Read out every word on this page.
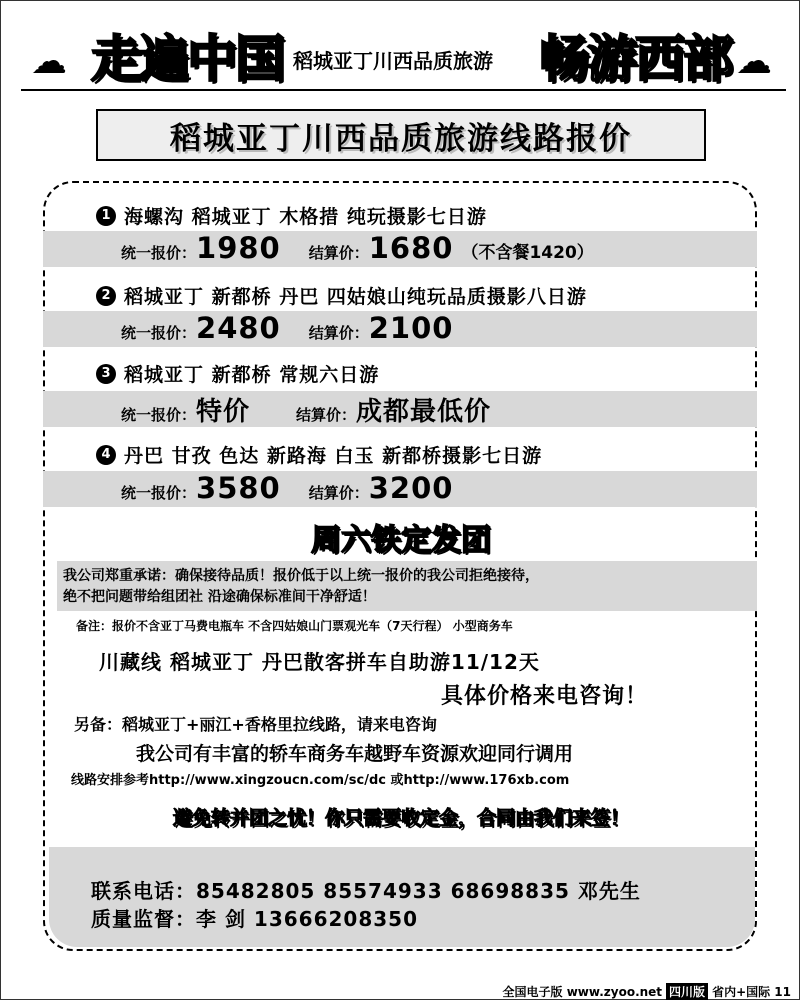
☁ 走遍中国 稻城亚丁川西品质旅游 畅游西部 ☁
稻城亚丁川西品质旅游线路报价
1 海螺沟 稻城亚丁 木格措 纯玩摄影七日游
统一报价： 1980 结算价： 1680 （不含餐1420）
2 稻城亚丁 新都桥 丹巴 四姑娘山纯玩品质摄影八日游
统一报价： 2480 结算价： 2100
3 稻城亚丁 新都桥 常规六日游
统一报价： 特价	结算价： 成都最低价
4 丹巴 甘孜 色达 新路海 白玉 新都桥摄影七日游
统一报价： 3580 结算价： 3200
周六铁定发团
我公司郑重承诺：确保接待品质！报价低于以上统一报价的我公司拒绝接待，
绝不把问题带给组团社 沿途确保标准间干净舒适！
备注：报价不含亚丁马费电瓶车 不含四姑娘山门票观光车（7天行程） 小型商务车
川藏线 稻城亚丁 丹巴散客拼车自助游11/12天
具体价格来电咨询！
另备：稻城亚丁+丽江+香格里拉线路，请来电咨询
我公司有丰富的轿车商务车越野车资源欢迎同行调用
线路安排参考http://www.xingzoucn.com/sc/dc 或http://www.176xb.com
避免转并团之忧！你只需要收定金，合同由我们来签！
联系电话：85482805 85574933 68698835 邓先生
质量监督：李 剑 13666208350
全国电子版 www.zyoo.net 四川版 省内+国际 11
